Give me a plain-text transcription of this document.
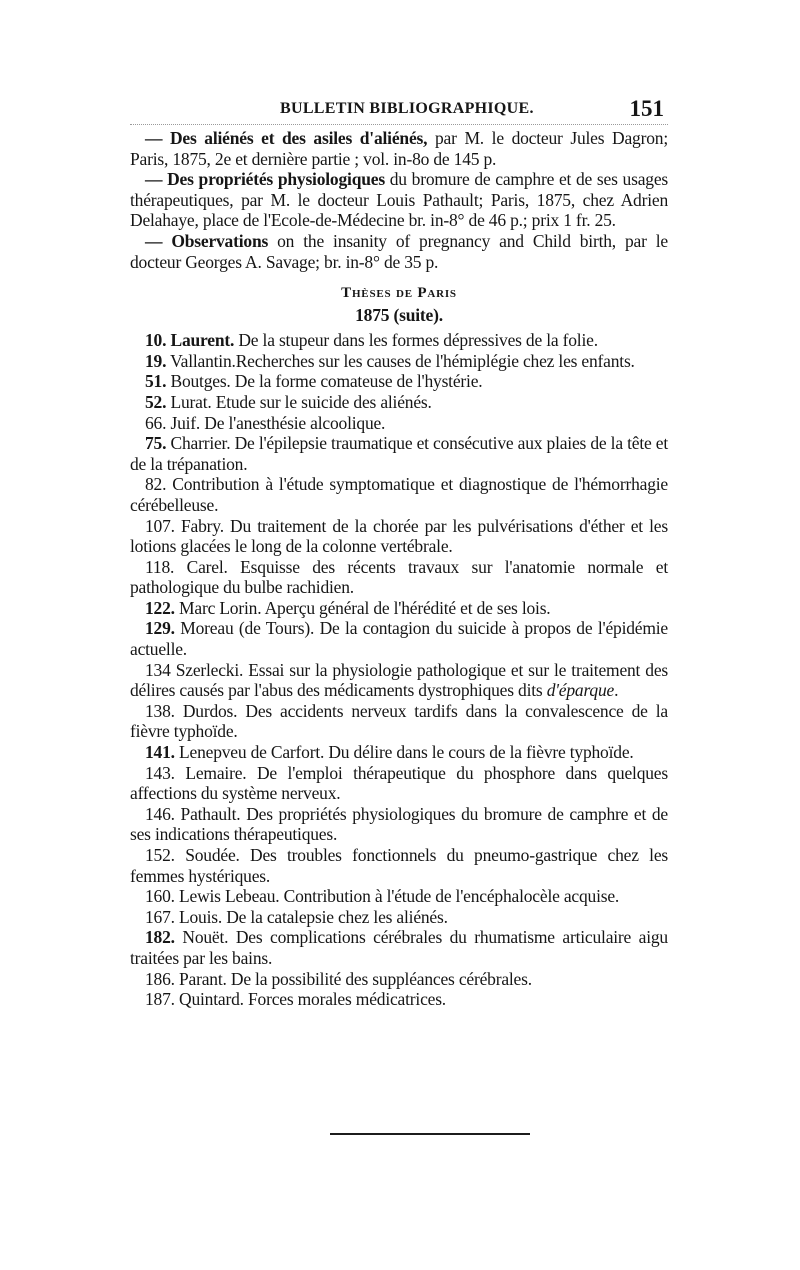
BULLETIN BIBLIOGRAPHIQUE.	151

— Des aliénés et des asiles d'aliénés, par M. le docteur Jules Dagron; Paris, 1875, 2e et dernière partie ; vol. in-8o de 145 p.

— Des propriétés physiologiques du bromure de camphre et de ses usages thérapeutiques, par M. le docteur Louis Pathault; Paris, 1875, chez Adrien Delahaye, place de l'Ecole-de-Médecine br. in-8° de 46 p.; prix 1 fr. 25.

— Observations on the insanity of pregnancy and Child birth, par le docteur Georges A. Savage; br. in-8° de 35 p.

Thèses de Paris
1875 (suite).

10. Laurent. De la stupeur dans les formes dépressives de la folie.

19. Vallantin.Recherches sur les causes de l'hémiplégie chez les enfants.

51. Boutges. De la forme comateuse de l'hystérie.

52. Lurat. Etude sur le suicide des aliénés.

66. Juif. De l'anesthésie alcoolique.

75. Charrier. De l'épilepsie traumatique et consécutive aux plaies de la tête et de la trépanation.

82. Contribution à l'étude symptomatique et diagnostique de l'hémorrhagie cérébelleuse.

107. Fabry. Du traitement de la chorée par les pulvérisations d'éther et les lotions glacées le long de la colonne vertébrale.

118. Carel. Esquisse des récents travaux sur l'anatomie normale et pathologique du bulbe rachidien.

122. Marc Lorin. Aperçu général de l'hérédité et de ses lois.

129. Moreau (de Tours). De la contagion du suicide à propos de l'épidémie actuelle.

134 Szerlecki. Essai sur la physiologie pathologique et sur le traitement des délires causés par l'abus des médicaments dystrophiques dits d'éparque.

138. Durdos. Des accidents nerveux tardifs dans la convalescence de la fièvre typhoïde.

141. Lenepveu de Carfort. Du délire dans le cours de la fièvre typhoïde.

143. Lemaire. De l'emploi thérapeutique du phosphore dans quelques affections du système nerveux.

146. Pathault. Des propriétés physiologiques du bromure de camphre et de ses indications thérapeutiques.

152. Soudée. Des troubles fonctionnels du pneumo-gastrique chez les femmes hystériques.

160. Lewis Lebeau. Contribution à l'étude de l'encéphalocèle acquise.

167. Louis. De la catalepsie chez les aliénés.

182. Nouët. Des complications cérébrales du rhumatisme articulaire aigu traitées par les bains.

186. Parant. De la possibilité des suppléances cérébrales.

187. Quintard. Forces morales médicatrices.
